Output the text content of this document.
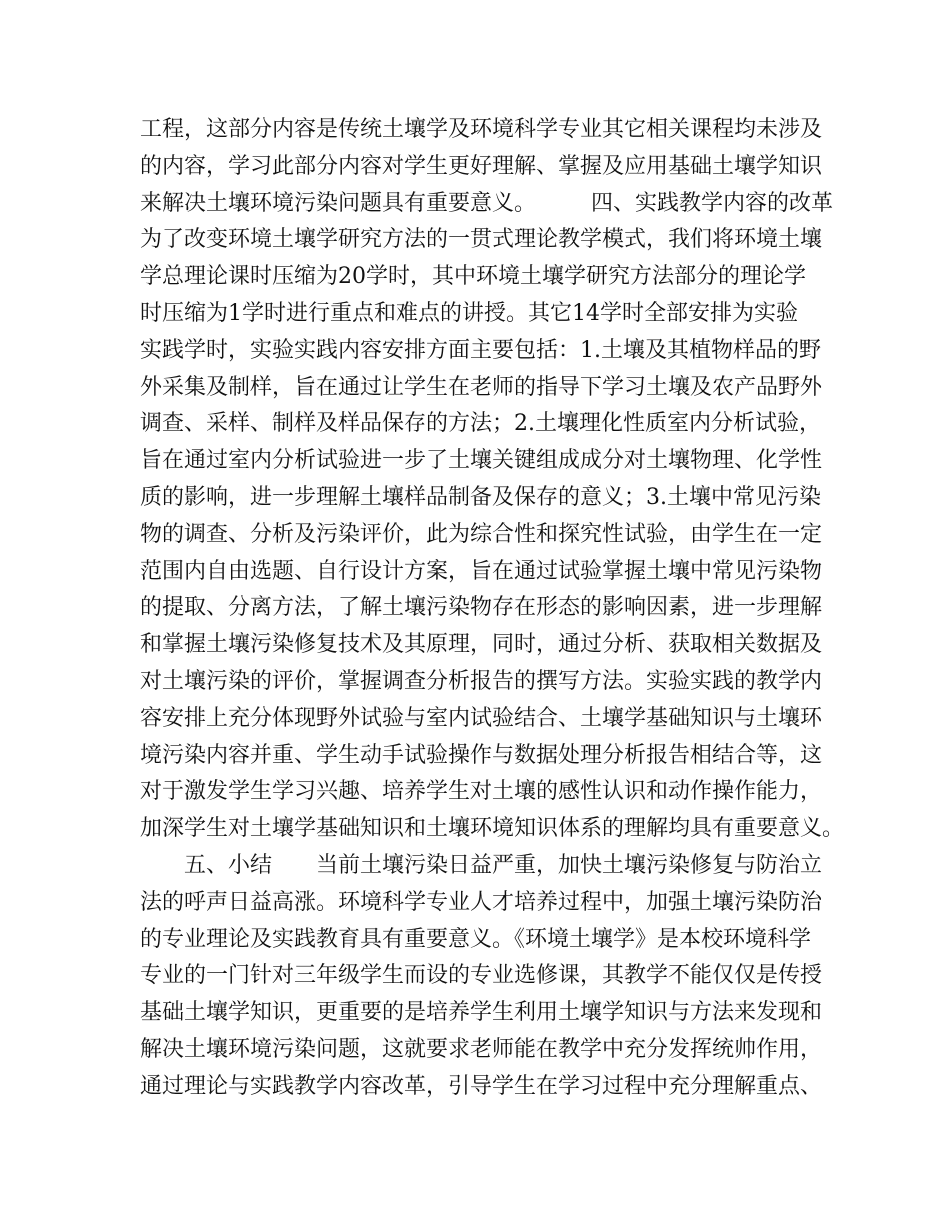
工程，这部分内容是传统土壤学及环境科学专业其它相关课程均未涉及
的内容，学习此部分内容对学生更好理解、掌握及应用基础土壤学知识
来解决土壤环境污染问题具有重要意义。　　　四、实践教学内容的改革
为了改变环境土壤学研究方法的一贯式理论教学模式，我们将环境土壤
学总理论课时压缩为20学时，其中环境土壤学研究方法部分的理论学
时压缩为1学时进行重点和难点的讲授。其它14学时全部安排为实验
实践学时，实验实践内容安排方面主要包括：1.土壤及其植物样品的野
外采集及制样，旨在通过让学生在老师的指导下学习土壤及农产品野外
调查、采样、制样及样品保存的方法；2.土壤理化性质室内分析试验，
旨在通过室内分析试验进一步了土壤关键组成成分对土壤物理、化学性
质的影响，进一步理解土壤样品制备及保存的意义；3.土壤中常见污染
物的调查、分析及污染评价，此为综合性和探究性试验，由学生在一定
范围内自由选题、自行设计方案，旨在通过试验掌握土壤中常见污染物
的提取、分离方法，了解土壤污染物存在形态的影响因素，进一步理解
和掌握土壤污染修复技术及其原理，同时，通过分析、获取相关数据及
对土壤污染的评价，掌握调查分析报告的撰写方法。实验实践的教学内
容安排上充分体现野外试验与室内试验结合、土壤学基础知识与土壤环
境污染内容并重、学生动手试验操作与数据处理分析报告相结合等，这
对于激发学生学习兴趣、培养学生对土壤的感性认识和动作操作能力，
加深学生对土壤学基础知识和土壤环境知识体系的理解均具有重要意义。
五、小结　　当前土壤污染日益严重，加快土壤污染修复与防治立
法的呼声日益高涨。环境科学专业人才培养过程中，加强土壤污染防治
的专业理论及实践教育具有重要意义。《环境土壤学》是本校环境科学
专业的一门针对三年级学生而设的专业选修课，其教学不能仅仅是传授
基础土壤学知识，更重要的是培养学生利用土壤学知识与方法来发现和
解决土壤环境污染问题，这就要求老师能在教学中充分发挥统帅作用，
通过理论与实践教学内容改革，引导学生在学习过程中充分理解重点、
